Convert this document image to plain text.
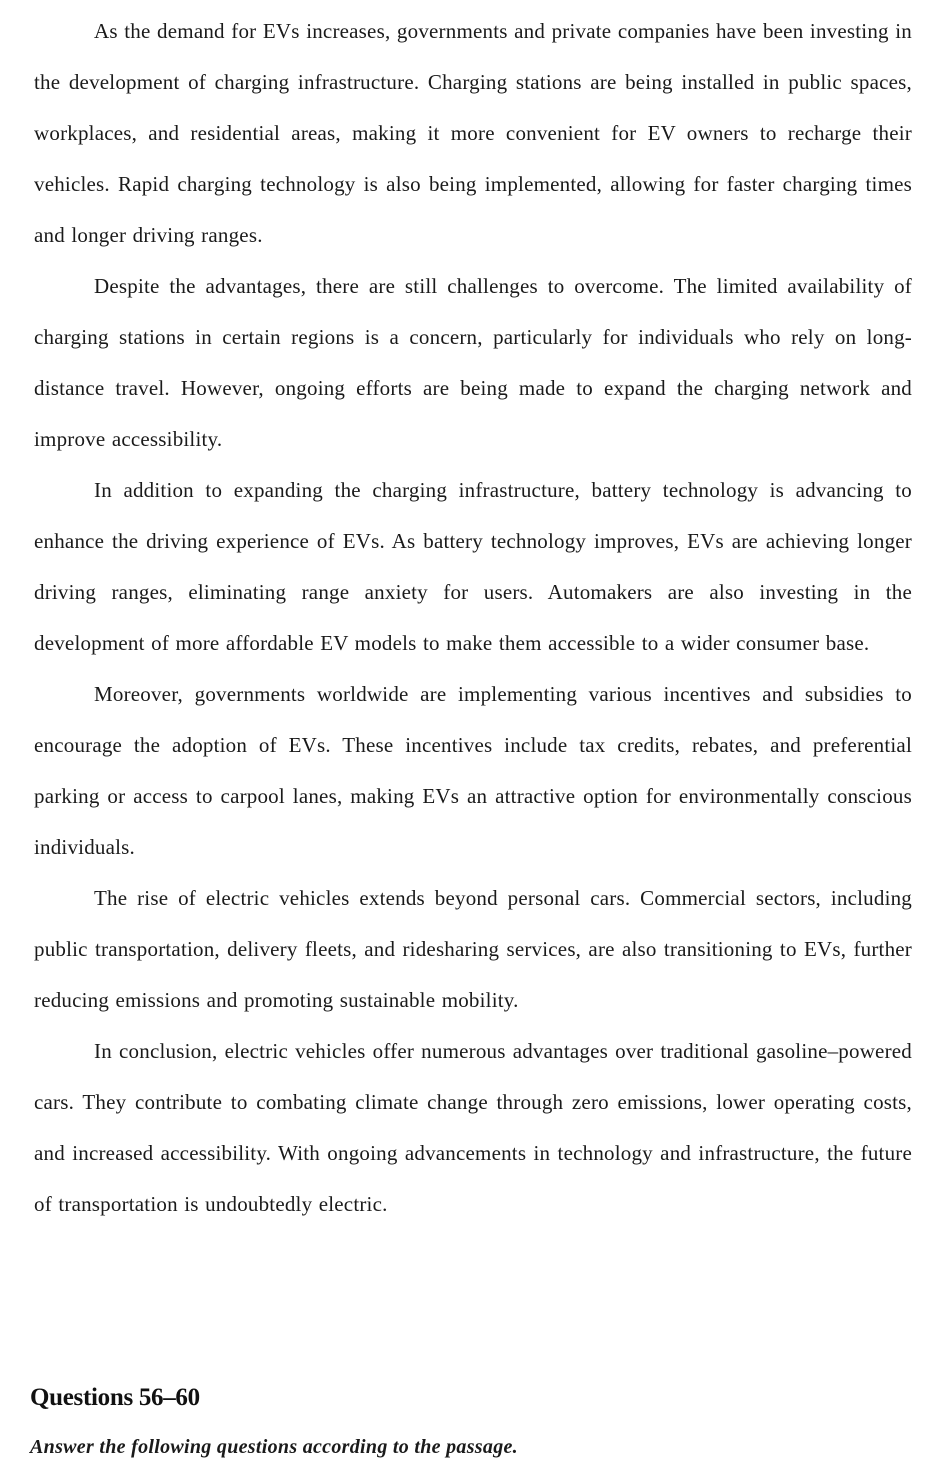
As the demand for EVs increases, governments and private companies have been investing in the development of charging infrastructure. Charging stations are being installed in public spaces, workplaces, and residential areas, making it more convenient for EV owners to recharge their vehicles. Rapid charging technology is also being implemented, allowing for faster charging times and longer driving ranges.

Despite the advantages, there are still challenges to overcome. The limited availability of charging stations in certain regions is a concern, particularly for individuals who rely on long-distance travel. However, ongoing efforts are being made to expand the charging network and improve accessibility.

In addition to expanding the charging infrastructure, battery technology is advancing to enhance the driving experience of EVs. As battery technology improves, EVs are achieving longer driving ranges, eliminating range anxiety for users. Automakers are also investing in the development of more affordable EV models to make them accessible to a wider consumer base.

Moreover, governments worldwide are implementing various incentives and subsidies to encourage the adoption of EVs. These incentives include tax credits, rebates, and preferential parking or access to carpool lanes, making EVs an attractive option for environmentally conscious individuals.

The rise of electric vehicles extends beyond personal cars. Commercial sectors, including public transportation, delivery fleets, and ridesharing services, are also transitioning to EVs, further reducing emissions and promoting sustainable mobility.

In conclusion, electric vehicles offer numerous advantages over traditional gasoline–powered cars. They contribute to combating climate change through zero emissions, lower operating costs, and increased accessibility. With ongoing advancements in technology and infrastructure, the future of transportation is undoubtedly electric.

Questions 56–60

Answer the following questions according to the passage.
